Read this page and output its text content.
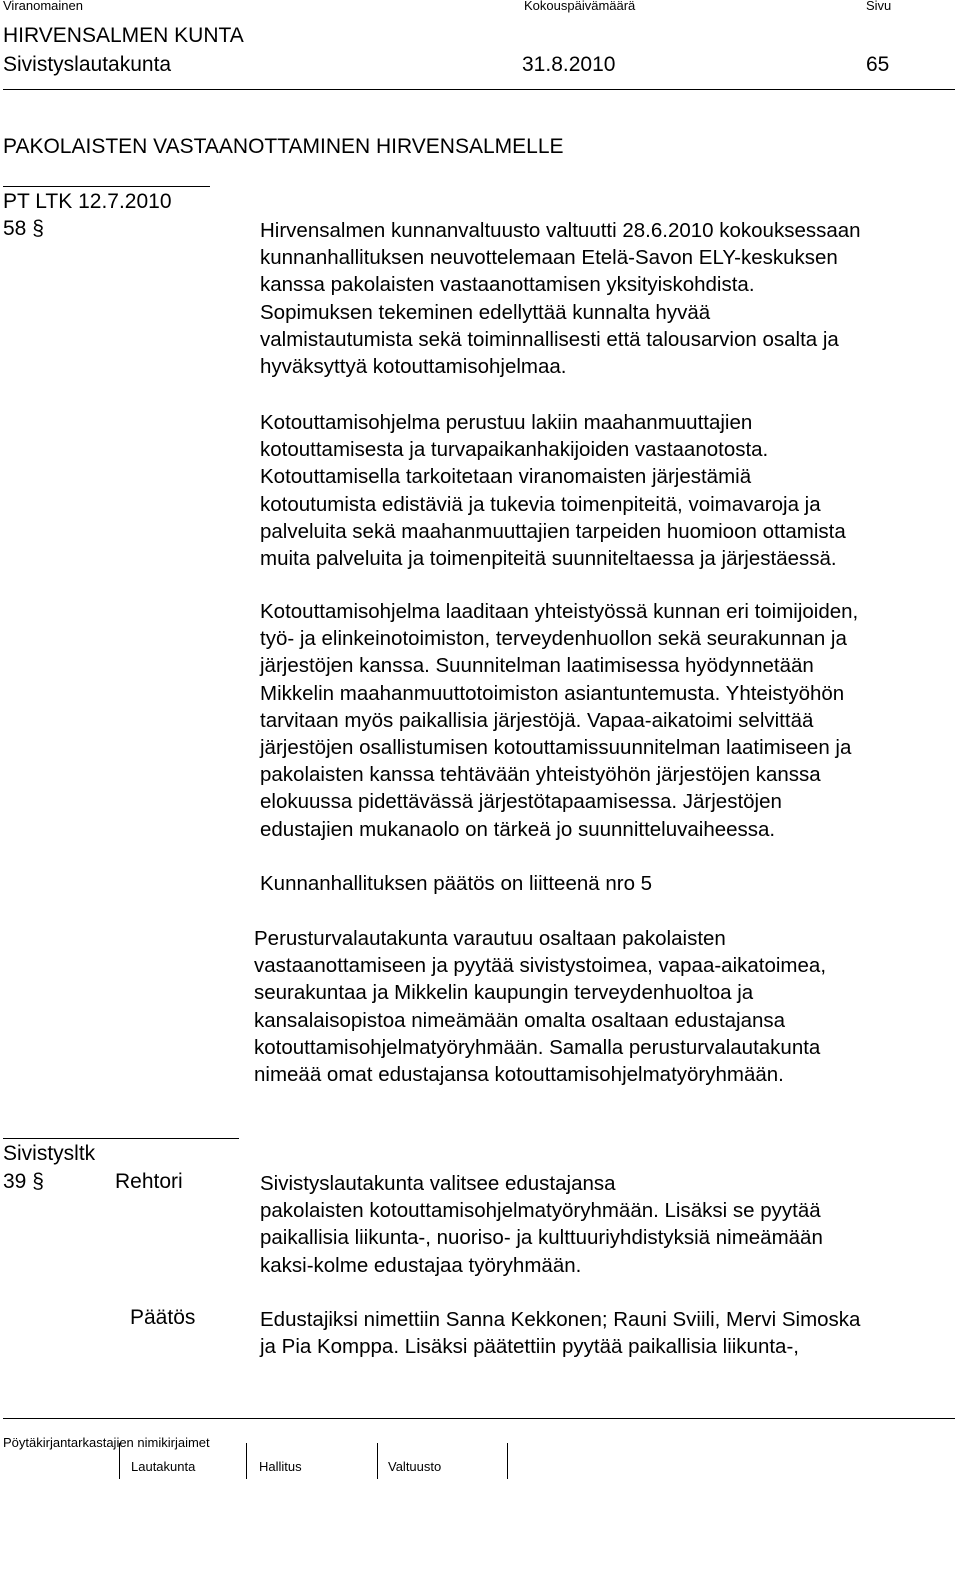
Viranomainen	Kokouspäivämäärä	Sivu
HIRVENSALMEN KUNTA
Sivistyslautakunta	31.8.2010	65
PAKOLAISTEN VASTAANOTTAMINEN HIRVENSALMELLE
PT LTK 12.7.2010
58 §	Hirvensalmen kunnanvaltuusto valtuutti 28.6.2010 kokouksessaan
kunnanhallituksen neuvottelemaan Etelä-Savon ELY-keskuksen
kanssa pakolaisten vastaanottamisen yksityiskohdista.
Sopimuksen tekeminen edellyttää kunnalta hyvää
valmistautumista sekä toiminnallisesti että talousarvion osalta ja
hyväksyttyä kotouttamisohjelmaa.
Kotouttamisohjelma perustuu lakiin maahanmuuttajien
kotouttamisesta ja turvapaikanhakijoiden vastaanotosta.
Kotouttamisella tarkoitetaan viranomaisten järjestämiä
kotoutumista edistäviä ja tukevia toimenpiteitä, voimavaroja ja
palveluita sekä maahanmuuttajien tarpeiden huomioon ottamista
muita palveluita ja toimenpiteitä suunniteltaessa ja järjestäessä.
Kotouttamisohjelma laaditaan yhteistyössä kunnan eri toimijoiden,
työ- ja elinkeinotoimiston, terveydenhuollon sekä seurakunnan ja
järjestöjen kanssa. Suunnitelman laatimisessa hyödynnetään
Mikkelin maahanmuuttotoimiston asiantuntemusta. Yhteistyöhön
tarvitaan myös paikallisia järjestöjä. Vapaa-aikatoimi selvittää
järjestöjen osallistumisen kotouttamissuunnitelman laatimiseen ja
pakolaisten kanssa tehtävään yhteistyöhön järjestöjen kanssa
elokuussa pidettävässä järjestötapaamisessa. Järjestöjen
edustajien mukanaolo on tärkeä jo suunnitteluvaiheessa.
Kunnanhallituksen päätös on liitteenä nro 5
Perusturvalautakunta varautuu osaltaan pakolaisten
vastaanottamiseen ja pyytää sivistystoimea, vapaa-aikatoimea,
seurakuntaa ja Mikkelin kaupungin terveydenhuoltoa ja
kansalaisopistoa nimeämään omalta osaltaan edustajansa
kotouttamisohjelmatyöryhmään. Samalla perusturvalautakunta
nimeää omat edustajansa kotouttamisohjelmatyöryhmään.
Sivistysltk
39 §	Rehtori	Sivistyslautakunta valitsee edustajansa
pakolaisten kotouttamisohjelmatyöryhmään. Lisäksi se pyytää
paikallisia liikunta-, nuoriso- ja kulttuuriyhdistyksiä nimeämään
kaksi-kolme edustajaa työryhmään.
Päätös	Edustajiksi nimettiin Sanna Kekkonen; Rauni Sviili, Mervi Simoska
ja Pia Komppa. Lisäksi päätettiin pyytää paikallisia liikunta-,
Pöytäkirjantarkastajien nimikirjaimet
Lautakunta	Hallitus	Valtuusto
